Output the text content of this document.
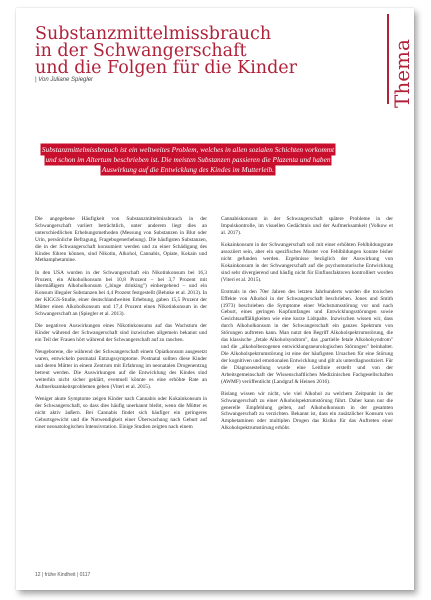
Substanzmittelmissbrauch
in der Schwangerschaft
und die Folgen für die Kinder
| Von Juliane Spiegler	Thema

Substanzmittelmissbrauch ist ein weltweites Problem, welches in allen sozialen Schichten vorkommt und schon im Altertum beschrieben ist. Die meisten Substanzen passieren die Plazenta und haben Auswirkung auf die Entwicklung des Kindes im Mutterleib.

Die angegebene Häufigkeit von Substanzmittelmissbrauch in der Schwangerschaft variiert beträchtlich, unter anderem liegt dies an unterschiedlichen Erhebungsmethoden (Messung von Substanzen in Blut oder Urin, persönliche Befragung, Fragebogenerhebung). Die häufigsten Substanzen, die in der Schwangerschaft konsumiert werden und zu einer Schädigung des Kindes führen können, sind Nikotin, Alkohol, Cannabis, Opiate, Kokain und Methamphetamine.

In den USA wurden in der Schwangerschaft ein Nikotinkonsum bei 16,3 Prozent, ein Alkoholkonsum bei 10,8 Prozent – bei 3,7 Prozent mit übermäßigem Alkoholkonsum („binge drinking") einhergehend – und ein Konsum illegaler Substanzen bei 4,4 Prozent festgestellt (Behnke et al. 2013). In der KIGGS-Studie, einer deutschlandweiten Erhebung, gaben 15,5 Prozent der Mütter einen Alkoholkonsum und 17,4 Prozent einen Nikotinkonsum in der Schwangerschaft an (Spiegler et al. 2013).

Die negativen Auswirkungen eines Nikotinkonsums auf das Wachstum der Kinder während der Schwangerschaft sind inzwischen allgemein bekannt und ein Teil der Frauen hört während der Schwangerschaft auf zu rauchen.

Neugeborene, die während der Schwangerschaft einem Opiatkonsum ausgesetzt waren, entwickeln postnatal Entzugssymptome. Postnatal sollten diese Kinder und deren Mütter in einem Zentrum mit Erfahrung im neonatalen Drogenentzug betreut werden. Die Auswirkungen auf die Entwicklung des Kindes sind weiterhin nicht sicher geklärt, eventuell könnte es eine erhöhte Rate an Aufmerksamkeitsproblemen geben (Viteri et al. 2015).

Weniger akute Symptome zeigen Kinder nach Cannabis oder Kokainkonsum in der Schwangerschaft, so dass dies häufig unerkannt bleibt, wenn die Mütter es nicht aktiv äußern. Bei Cannabis findet sich häufiger ein geringeres Geburtsgewicht und die Notwendigkeit einer Überwachung nach Geburt auf einer neonatologischen Intensivstation. Einige Studien zeigten nach einem

Cannabiskonsum in der Schwangerschaft spätere Probleme in der Impulskontrolle, im visuellen Gedächtnis und der Aufmerksamkeit (Volkow et al. 2017).

Kokainkonsum in der Schwangerschaft soll mit einer erhöhten Fehlbildungsrate assoziiert sein, aber ein spezifisches Muster von Fehlbildungen konnte bisher nicht gefunden werden. Ergebnisse bezüglich der Auswirkung von Kokainkonsum in der Schwangerschaft auf die psychomotorische Entwicklung sind sehr divergierend und häufig nicht für Einflussfaktoren kontrolliert worden (Viteri et al. 2015).

Erstmals in den 70er Jahren des letzten Jahrhunderts wurden die toxischen Effekte von Alkohol in der Schwangerschaft beschrieben. Jones und Smith (1973) beschrieben die Symptome einer Wachstumsstörung vor und nach Geburt, eines geringen Kopfumfanges und Entwicklungsstörungen sowie Gesichtsauffälligkeiten wie eine kurze Lidspalte. Inzwischen wissen wir, dass durch Alkoholkonsum in der Schwangerschaft ein ganzes Spektrum von Störungen auftreten kann. Man nutzt den Begriff Alkoholspektrumstörung, die das klassische „fetale Alkoholsyndrom", das „partielle fetale Alkoholsyndrom" und die „alkoholbezogenen entwicklungsneurologischen Störungen" beinhaltet. Die Alkoholspektrumstörung ist eine der häufigsten Ursachen für eine Störung der kognitiven und emotionalen Entwicklung und gilt als unterdiagnostiziert. Für die Diagnosestellung wurde eine Leitlinie erstellt und von der Arbeitsgemeinschaft der Wissenschaftlichen Medizinischen Fachgesellschaften (AWMF) veröffentlicht (Landgraf & Heinen 2016).

Bislang wissen wir nicht, wie viel Alkohol zu welchem Zeitpunkt in der Schwangerschaft zu einer Alkoholspektrumstörung führt. Daher kann nur die generelle Empfehlung gelten, auf Alkoholkonsum in der gesamten Schwangerschaft zu verzichten. Bekannt ist, dass ein zusätzlicher Konsum von Amphetaminen oder multiplen Drogen das Risiko für das Auftreten einer Alkoholspektrumstörung erhöht.

12 | frühe Kindheit | 0117
